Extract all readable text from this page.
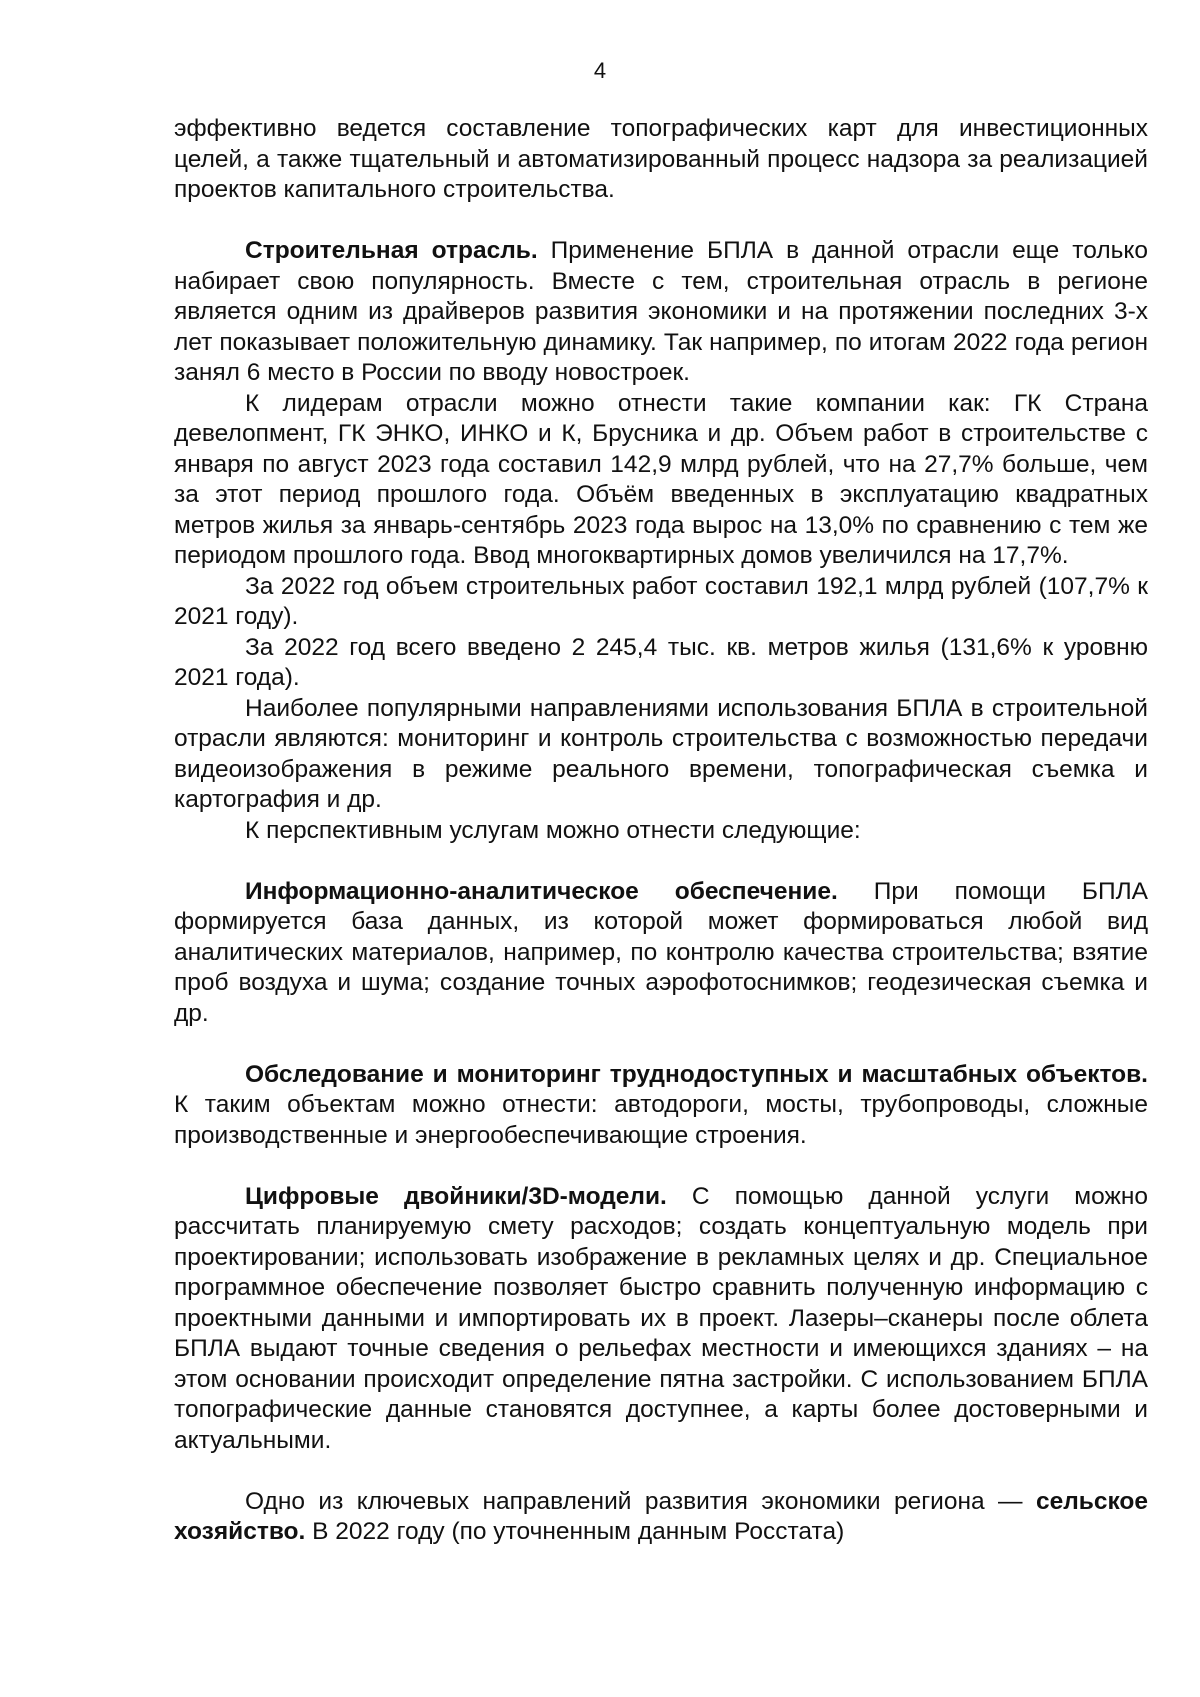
4

эффективно ведется составление топографических карт для инвестиционных целей, а также тщательный и автоматизированный процесс надзора за реализацией проектов капитального строительства.

Строительная отрасль. Применение БПЛА в данной отрасли еще только набирает свою популярность. Вместе с тем, строительная отрасль в регионе является одним из драйверов развития экономики и на протяжении последних 3-х лет показывает положительную динамику. Так например, по итогам 2022 года регион занял 6 место в России по вводу новостроек.

К лидерам отрасли можно отнести такие компании как: ГК Страна девелопмент, ГК ЭНКО, ИНКО и К, Брусника и др. Объем работ в строительстве с января по август 2023 года составил 142,9 млрд рублей, что на 27,7% больше, чем за этот период прошлого года. Объём введенных в эксплуатацию квадратных метров жилья за январь-сентябрь 2023 года вырос на 13,0% по сравнению с тем же периодом прошлого года. Ввод многоквартирных домов увеличился на 17,7%.

За 2022 год объем строительных работ составил 192,1 млрд рублей (107,7% к 2021 году).

За 2022 год всего введено 2 245,4 тыс. кв. метров жилья (131,6% к уровню 2021 года).

Наиболее популярными направлениями использования БПЛА в строительной отрасли являются: мониторинг и контроль строительства с возможностью передачи видеоизображения в режиме реального времени, топографическая съемка и картография и др.

К перспективным услугам можно отнести следующие:

Информационно-аналитическое обеспечение. При помощи БПЛА формируется база данных, из которой может формироваться любой вид аналитических материалов, например, по контролю качества строительства; взятие проб воздуха и шума; создание точных аэрофотоснимков; геодезическая съемка и др.

Обследование и мониторинг труднодоступных и масштабных объектов. К таким объектам можно отнести: автодороги, мосты, трубопроводы, сложные производственные и энергообеспечивающие строения.

Цифровые двойники/3D-модели. С помощью данной услуги можно рассчитать планируемую смету расходов; создать концептуальную модель при проектировании; использовать изображение в рекламных целях и др. Специальное программное обеспечение позволяет быстро сравнить полученную информацию с проектными данными и импортировать их в проект. Лазеры–сканеры после облета БПЛА выдают точные сведения о рельефах местности и имеющихся зданиях – на этом основании происходит определение пятна застройки. С использованием БПЛА топографические данные становятся доступнее, а карты более достоверными и актуальными.

Одно из ключевых направлений развития экономики региона — сельское хозяйство. В 2022 году (по уточненным данным Росстата)
